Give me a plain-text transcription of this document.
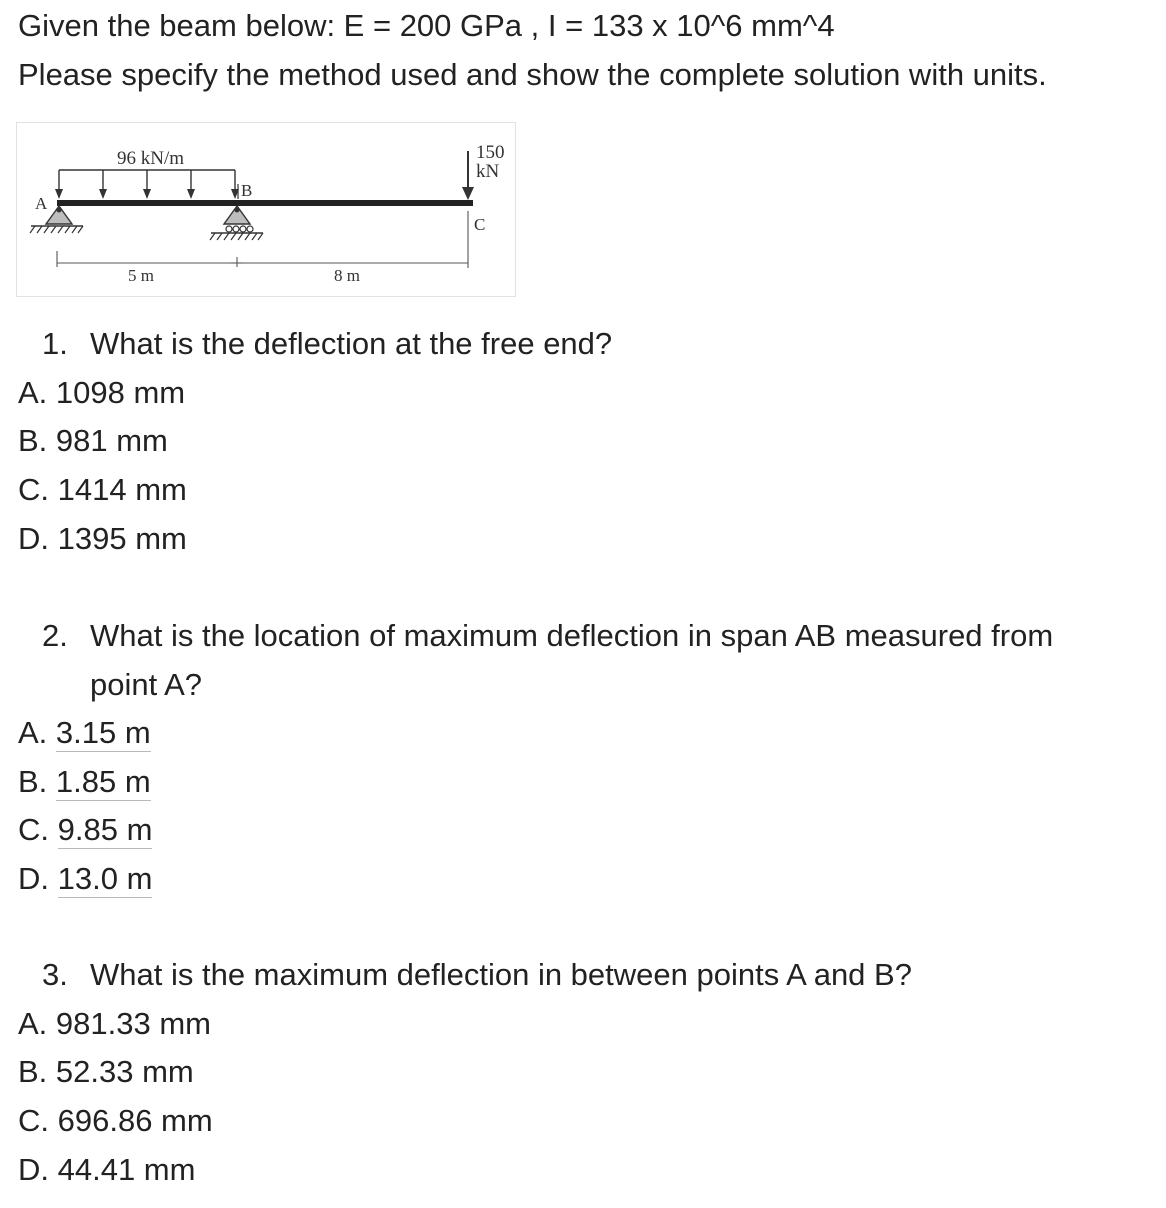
Given the beam below: E = 200 GPa , I = 133 x 10^6 mm^4
Please specify the method used and show the complete solution with units.
96 kN/m
A
B
150
kN
C
5 m	8 m
1. What is the deflection at the free end?
A. 1098 mm
B. 981 mm
C. 1414 mm
D. 1395 mm
2. What is the location of maximum deflection in span AB measured from
point A?
A. 3.15 m
B. 1.85 m
C. 9.85 m
D. 13.0 m
3. What is the maximum deflection in between points A and B?
A. 981.33 mm
B. 52.33 mm
C. 696.86 mm
D. 44.41 mm
